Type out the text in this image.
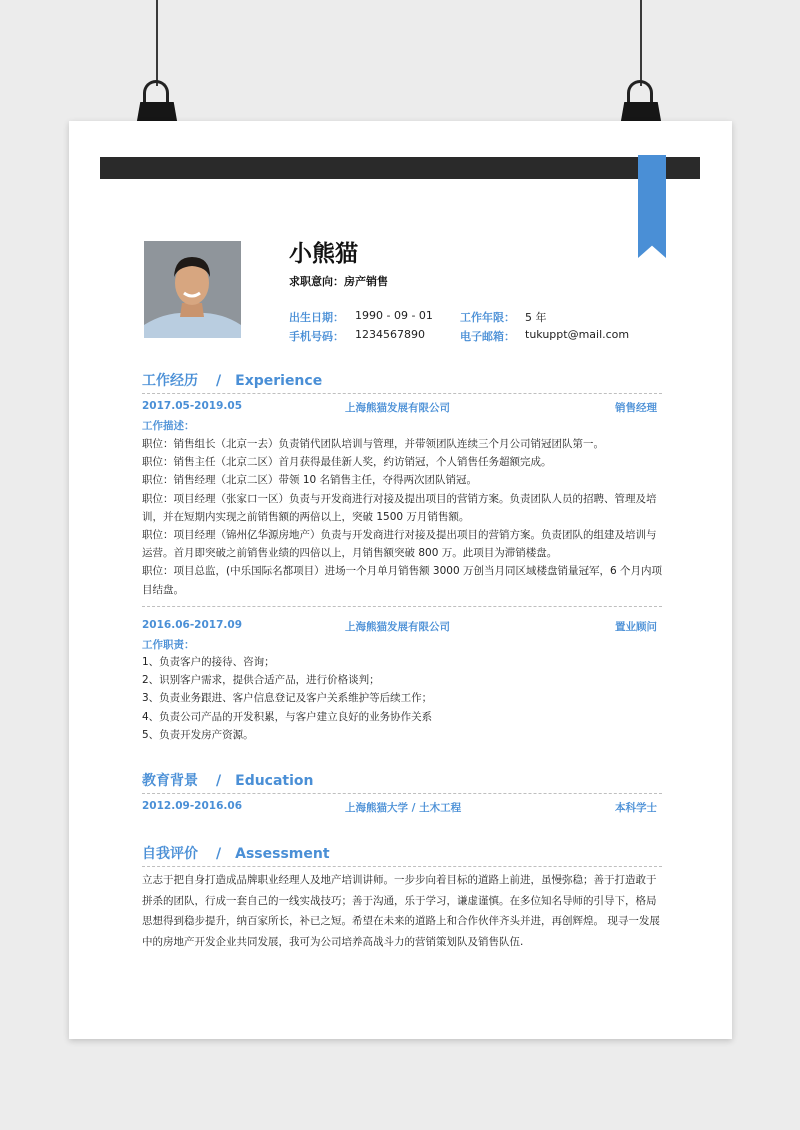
小熊猫
求职意向：房产销售
出生日期： 1990 - 09 - 01 工作年限： 5 年
手机号码： 1234567890	电子邮箱： tukuppt@mail.com
工作经历 / Experience
2017.05-2019.05	上海熊猫发展有限公司	销售经理
工作描述：

职位：销售组长（北京一去）负责销代团队培训与管理，并带领团队连续三个月公司销冠团队第一。

职位：销售主任（北京二区）首月获得最佳新人奖，约访销冠，个人销售任务超额完成。

职位：销售经理（北京二区）带领 10 名销售主任，夺得两次团队销冠。

职位：项目经理（张家口一区）负责与开发商进行对接及提出项目的营销方案。负责团队人员的招聘、管理及培训，并在短期内实现之前销售额的两倍以上，突破 1500 万月销售额。

职位：项目经理（锦州亿华源房地产）负责与开发商进行对接及提出项目的营销方案。负责团队的组建及培训与运营。首月即突破之前销售业绩的四倍以上，月销售额突破 800 万。此项目为滞销楼盘。

职位：项目总监，(中乐国际名都项目）进场一个月单月销售额 3000 万创当月同区域楼盘销量冠军，6 个月内项目结盘。

2016.06-2017.09	上海熊猫发展有限公司	置业顾问
工作职责：

1、负责客户的接待、咨询；

2、识别客户需求，提供合适产品，进行价格谈判；

3、负责业务跟进、客户信息登记及客户关系维护等后续工作；

4、负责公司产品的开发积累，与客户建立良好的业务协作关系

5、负责开发房产资源。

教育背景 / Education
2012.09-2016.06	上海熊猫大学 / 土木工程	本科学士
自我评价 / Assessment
立志于把自身打造成品牌职业经理人及地产培训讲师。一步步向着目标的道路上前进，虽慢弥稳；善于打造敢于拼杀的团队，行成一套自己的一线实战技巧；善于沟通，乐于学习，谦虚谨慎。在多位知名导师的引导下，格局思想得到稳步提升，纳百家所长，补已之短。希望在未来的道路上和合作伙伴齐头并进，再创辉煌。 现寻一发展中的房地产开发企业共同发展，我可为公司培养高战斗力的营销策划队及销售队伍.
